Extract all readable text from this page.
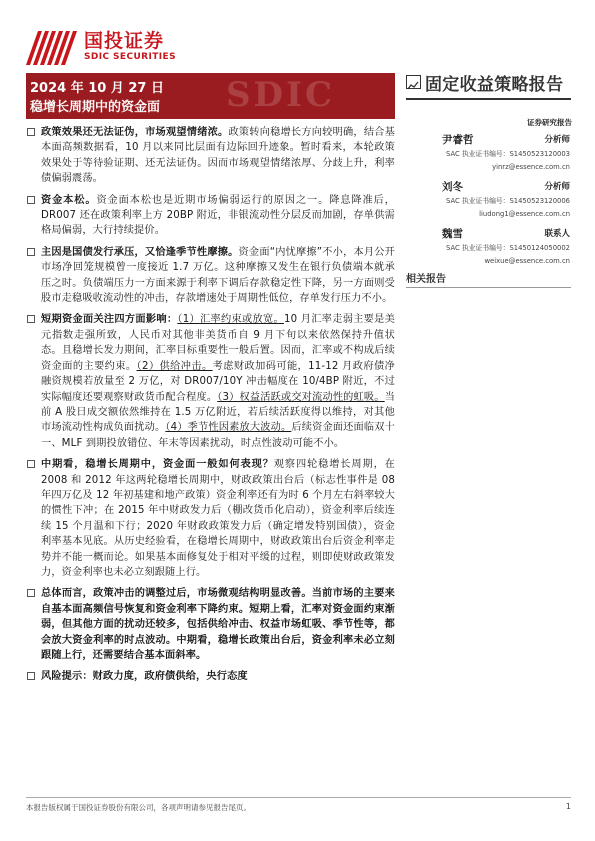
国投证券
SDIC SECURITIES
SDIC
2024 年 10 月 27 日
稳增长周期中的资金面
固定收益策略报告

政策效果还无法证伪，市场观望情绪浓。政策转向稳增长方向较明确，结合基本面高频数据看，10 月以来同比层面有边际回升迹象。暂时看来，本轮政策效果处于等待验证期、还无法证伪。因而市场观望情绪浓厚、分歧上升，利率债偏弱震荡。

资金本松。资金面本松也是近期市场偏弱运行的原因之一。降息降准后，DR007 还在政策利率上方 20BP 附近，非银流动性分层反而加剧，存单供需格局偏弱，大行持续提价。

主因是国债发行承压，又恰逢季节性摩擦。资金面“内忧摩擦”不小，本月公开市场净回笼规模曾一度接近 1.7 万亿。这种摩擦又发生在银行负债端本就承压之时。负债端压力一方面来源于利率下调后存款稳定性下降，另一方面则受股市走稳吸收流动性的冲击，存款增速处于周期性低位，存单发行压力不小。

短期资金面关注四方面影响：（1）汇率约束或放宽。10 月汇率走弱主要是美元指数走强所致，人民币对其他非美货币自 9 月下旬以来依然保持升值状态。且稳增长发力期间，汇率目标重要性一般后置。因而，汇率或不构成后续资金面的主要约束。（2）供给冲击。考虑财政加码可能，11-12 月政府债净融资规模若放量至 2 万亿，对 DR007/10Y 冲击幅度在 10/4BP 附近，不过实际幅度还要观察财政货币配合程度。（3）权益活跃或交对流动性的虹吸。当前 A 股日成交额依然维持在 1.5 万亿附近，若后续活跃度得以维持，对其他市场流动性构成负面扰动。（4）季节性因素放大波动。后续资金面还面临双十一、MLF 到期投放错位、年末等因素扰动，时点性波动可能不小。

中期看，稳增长周期中，资金面一般如何表现？观察四轮稳增长周期，在 2008 和 2012 年这两轮稳增长周期中，财政政策出台后（标志性事件是 08 年四万亿及 12 年初基建和地产政策）资金利率还有为时 6 个月左右斜率较大的惯性下冲；在 2015 年中财政发力后（棚改货币化启动），资金利率后续连续 15 个月温和下行；2020 年财政政策发力后（确定增发特别国债），资金利率基本见底。从历史经验看，在稳增长周期中，财政政策出台后资金利率走势并不能一概而论。如果基本面修复处于相对平缓的过程，则即使财政政策发力，资金利率也未必立刻跟随上行。

总体而言，政策冲击的调整过后，市场微观结构明显改善。当前市场的主要来自基本面高频信号恢复和资金利率下降约束。短期上看，汇率对资金面约束渐弱，但其他方面的扰动还较多，包括供给冲击、权益市场虹吸、季节性等，都会放大资金利率的时点波动。中期看，稳增长政策出台后，资金利率未必立刻跟随上行，还需要结合基本面斜率。

风险提示：财政力度，政府债供给，央行态度

证券研究报告
尹睿哲	分析师
SAC 执业证书编号：S1450523120003
yinrz@essence.com.cn
刘冬	分析师
SAC 执业证书编号：S1450523120006
liudong1@essence.com.cn
魏雪	联系人
SAC 执业证书编号：S1450124050002
weixue@essence.com.cn
相关报告
本报告版权属于国投证券股份有限公司，各项声明请参见报告尾页。	1
